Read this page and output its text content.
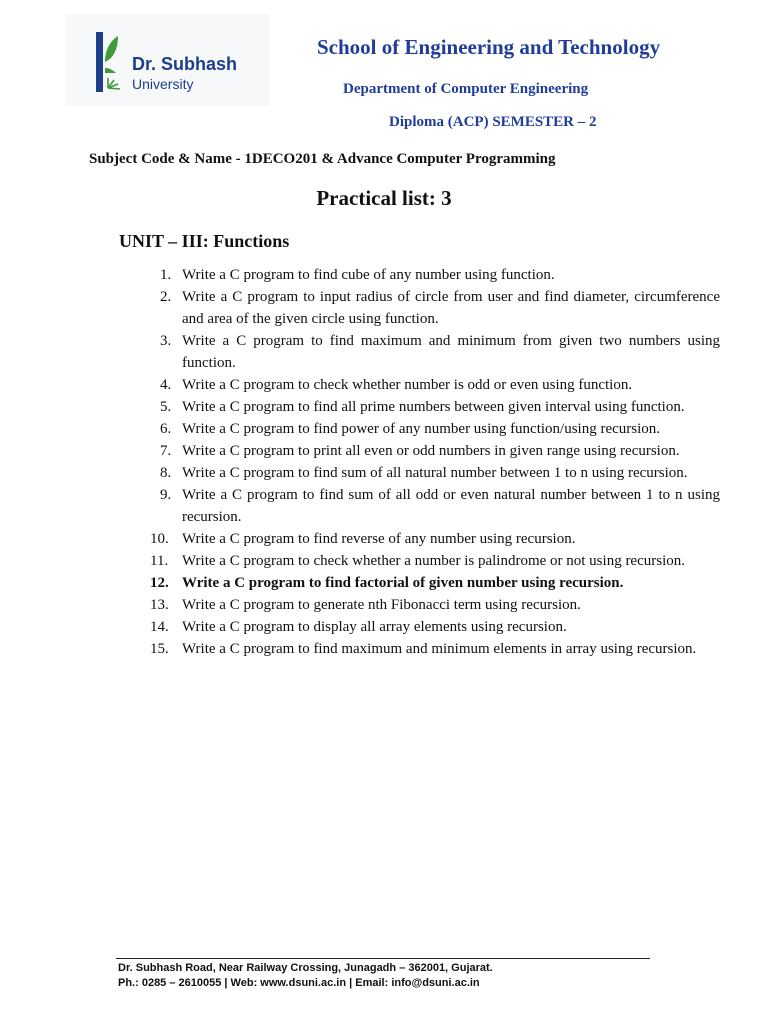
Dr. Subhash
University
School of Engineering and Technology
Department of Computer Engineering
Diploma (ACP) SEMESTER – 2
Subject Code & Name - 1DECO201 & Advance Computer Programming
Practical list: 3
UNIT – III: Functions
1. Write a C program to find cube of any number using function.
2. Write a C program to input radius of circle from user and find diameter, circumference and area of the given circle using function.
3. Write a C program to find maximum and minimum from given two numbers using function.
4. Write a C program to check whether number is odd or even using function.
5. Write a C program to find all prime numbers between given interval using function.
6. Write a C program to find power of any number using function/using recursion.
7. Write a C program to print all even or odd numbers in given range using recursion.
8. Write a C program to find sum of all natural number between 1 to n using recursion.
9. Write a C program to find sum of all odd or even natural number between 1 to n using recursion.
10. Write a C program to find reverse of any number using recursion.
11. Write a C program to check whether a number is palindrome or not using recursion.
12. Write a C program to find factorial of given number using recursion.
13. Write a C program to generate nth Fibonacci term using recursion.
14. Write a C program to display all array elements using recursion.
15. Write a C program to find maximum and minimum elements in array using recursion.
Dr. Subhash Road, Near Railway Crossing, Junagadh – 362001, Gujarat.
Ph.: 0285 – 2610055 | Web: www.dsuni.ac.in | Email: info@dsuni.ac.in
